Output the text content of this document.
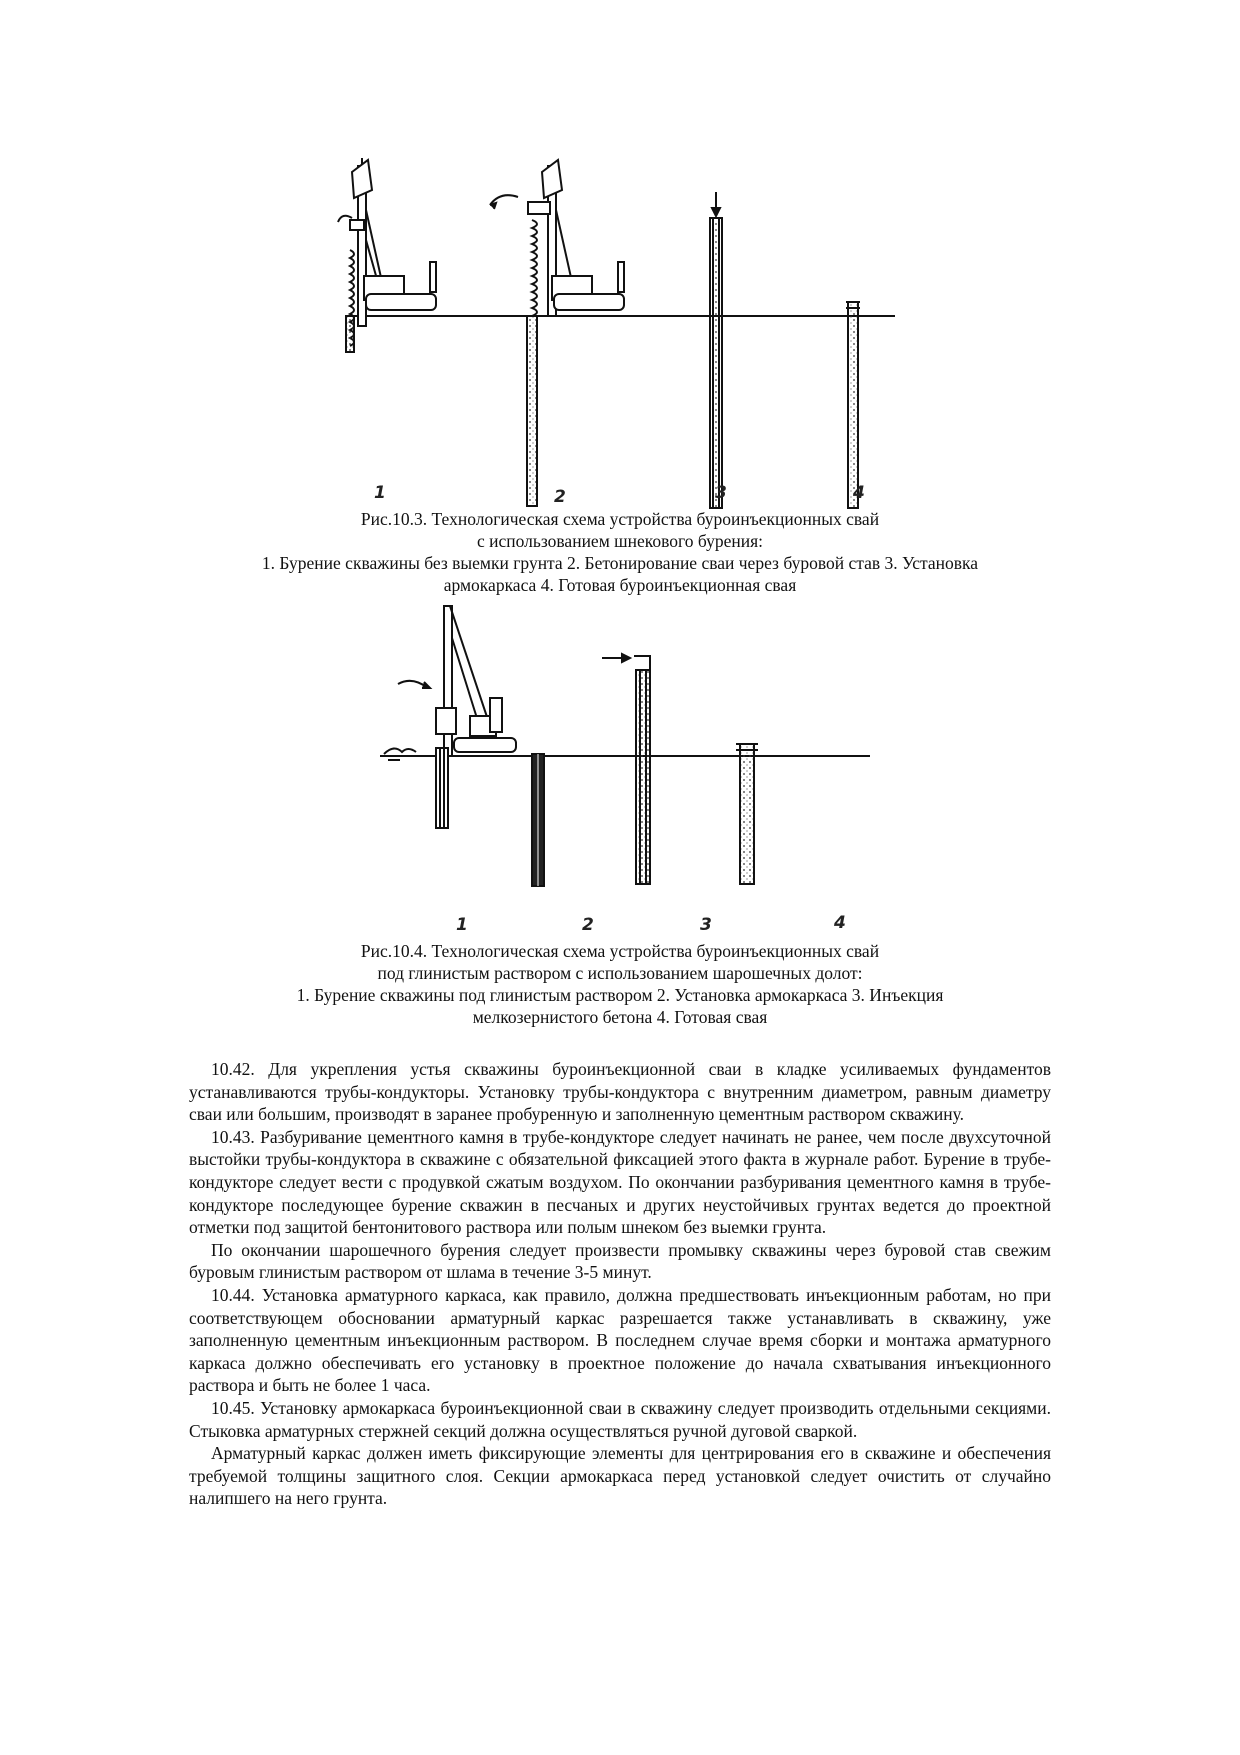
1	2	3	4
Рис.10.3. Технологическая схема устройства буроинъекционных свай
с использованием шнекового бурения:
1. Бурение скважины без выемки грунта 2. Бетонирование сваи через буровой став 3. Установка
армокаркаса 4. Готовая буроинъекционная свая
1	2	3	4
Рис.10.4. Технологическая схема устройства буроинъекционных свай
под глинистым раствором с использованием шарошечных долот:
1. Бурение скважины под глинистым раствором 2. Установка армокаркаса 3. Инъекция
мелкозернистого бетона 4. Готовая свая

10.42. Для укрепления устья скважины буроинъекционной сваи в кладке усиливаемых фундаментов устанавливаются трубы-кондукторы. Установку трубы-кондуктора с внутренним диаметром, равным диаметру сваи или большим, производят в заранее пробуренную и заполненную цементным раствором скважину.

10.43. Разбуривание цементного камня в трубе-кондукторе следует начинать не ранее, чем после двухсуточной выстойки трубы-кондуктора в скважине с обязательной фиксацией этого факта в журнале работ. Бурение в трубе-кондукторе следует вести с продувкой сжатым воздухом. По окончании разбуривания цементного камня в трубе-кондукторе последующее бурение скважин в песчаных и других неустойчивых грунтах ведется до проектной отметки под защитой бентонитового раствора или полым шнеком без выемки грунта.

По окончании шарошечного бурения следует произвести промывку скважины через буровой став свежим буровым глинистым раствором от шлама в течение 3-5 минут.

10.44. Установка арматурного каркаса, как правило, должна предшествовать инъекционным работам, но при соответствующем обосновании арматурный каркас разрешается также устанавливать в скважину, уже заполненную цементным инъекционным раствором. В последнем случае время сборки и монтажа арматурного каркаса должно обеспечивать его установку в проектное положение до начала схватывания инъекционного раствора и быть не более 1 часа.

10.45. Установку армокаркаса буроинъекционной сваи в скважину следует производить отдельными секциями. Стыковка арматурных стержней секций должна осуществляться ручной дуговой сваркой.

Арматурный каркас должен иметь фиксирующие элементы для центрирования его в скважине и обеспечения требуемой толщины защитного слоя. Секции армокаркаса перед установкой следует очистить от случайно налипшего на него грунта.
